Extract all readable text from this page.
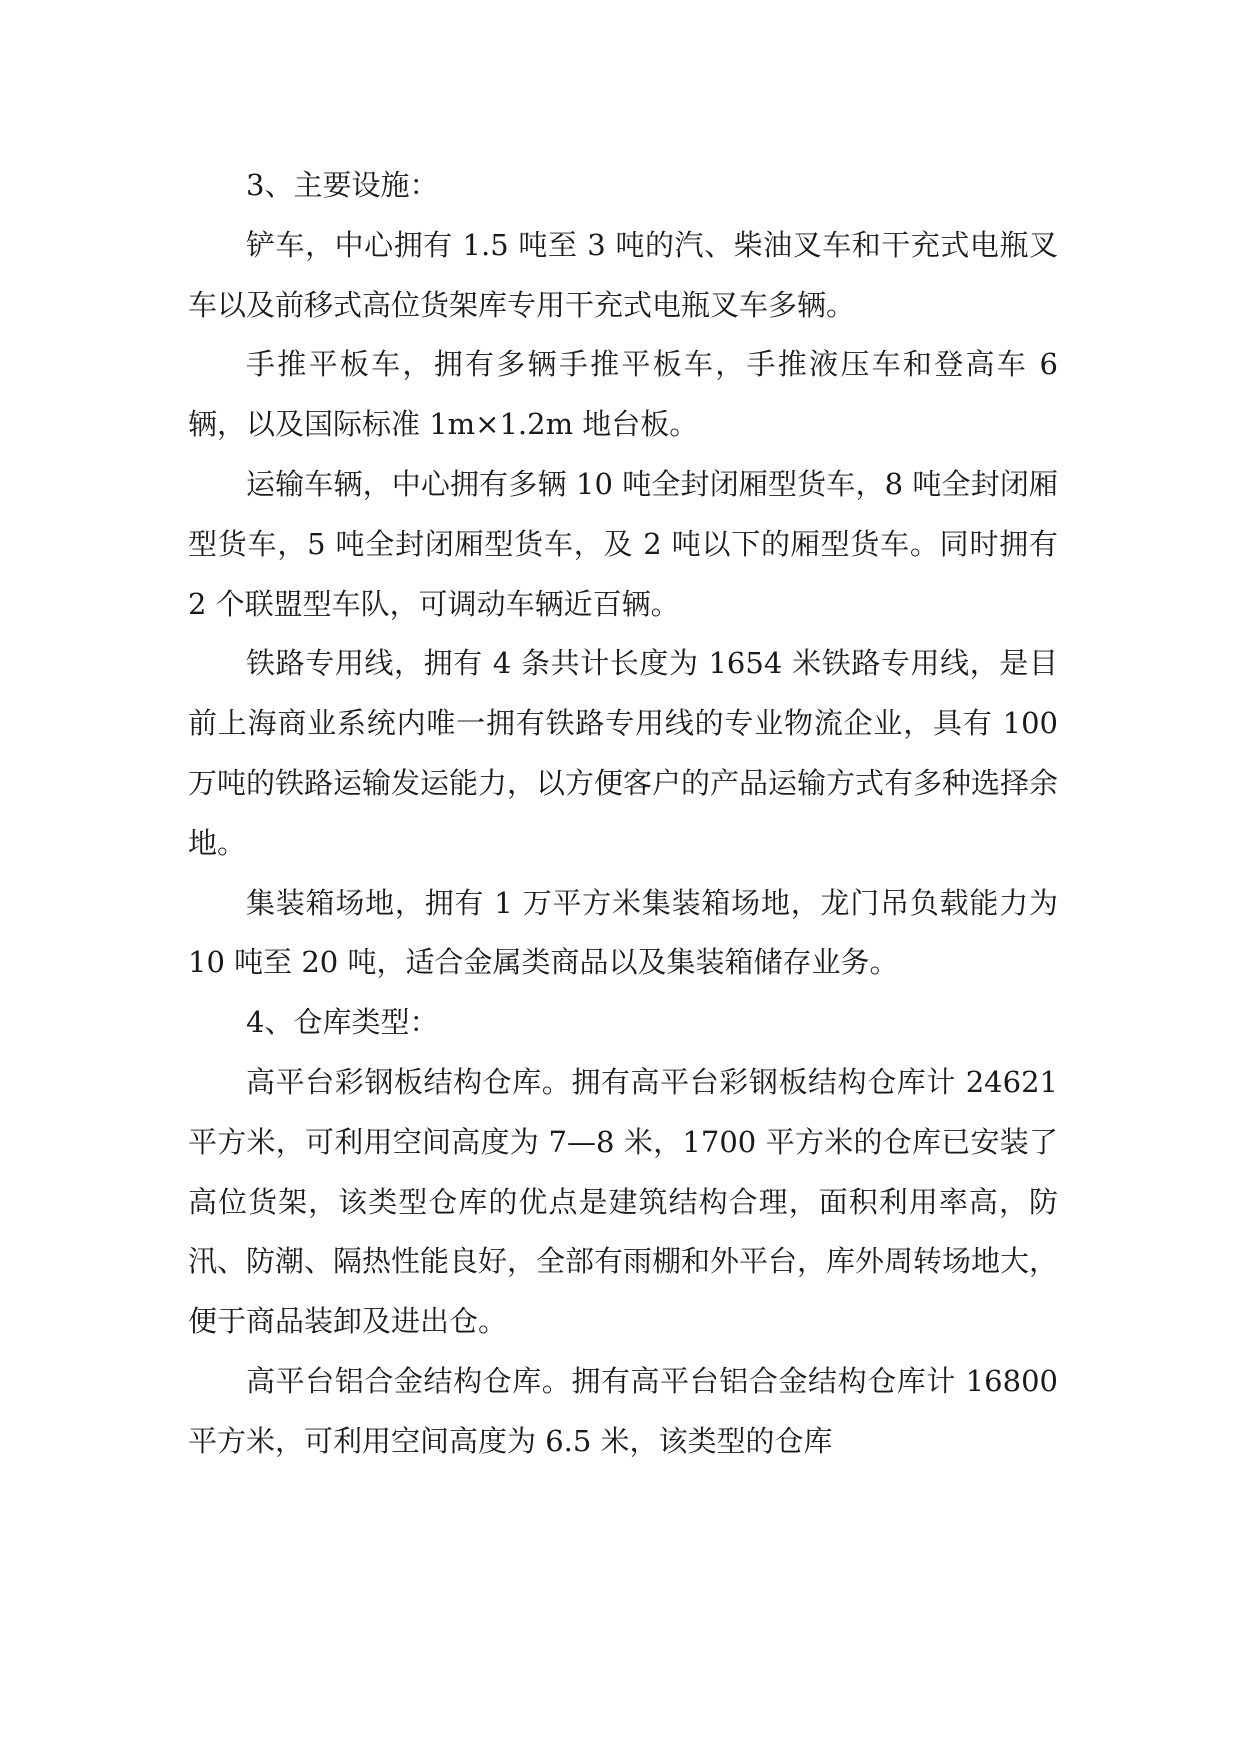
3、主要设施：

铲车，中心拥有 1.5 吨至 3 吨的汽、柴油叉车和干充式电瓶叉车以及前移式高位货架库专用干充式电瓶叉车多辆。

手推平板车，拥有多辆手推平板车，手推液压车和登高车 6 辆，以及国际标准 1m×1.2m 地台板。

运输车辆，中心拥有多辆 10 吨全封闭厢型货车，8 吨全封闭厢型货车，5 吨全封闭厢型货车，及 2 吨以下的厢型货车。同时拥有 2 个联盟型车队，可调动车辆近百辆。

铁路专用线，拥有 4 条共计长度为 1654 米铁路专用线，是目前上海商业系统内唯一拥有铁路专用线的专业物流企业，具有 100 万吨的铁路运输发运能力，以方便客户的产品运输方式有多种选择余地。

集装箱场地，拥有 1 万平方米集装箱场地，龙门吊负载能力为 10 吨至 20 吨，适合金属类商品以及集装箱储存业务。

4、仓库类型：

高平台彩钢板结构仓库。拥有高平台彩钢板结构仓库计 24621 平方米，可利用空间高度为 7—8 米，1700 平方米的仓库已安装了高位货架，该类型仓库的优点是建筑结构合理，面积利用率高，防汛、防潮、隔热性能良好，全部有雨棚和外平台，库外周转场地大，便于商品装卸及进出仓。

高平台铝合金结构仓库。拥有高平台铝合金结构仓库计 16800 平方米，可利用空间高度为 6.5 米，该类型的仓库
